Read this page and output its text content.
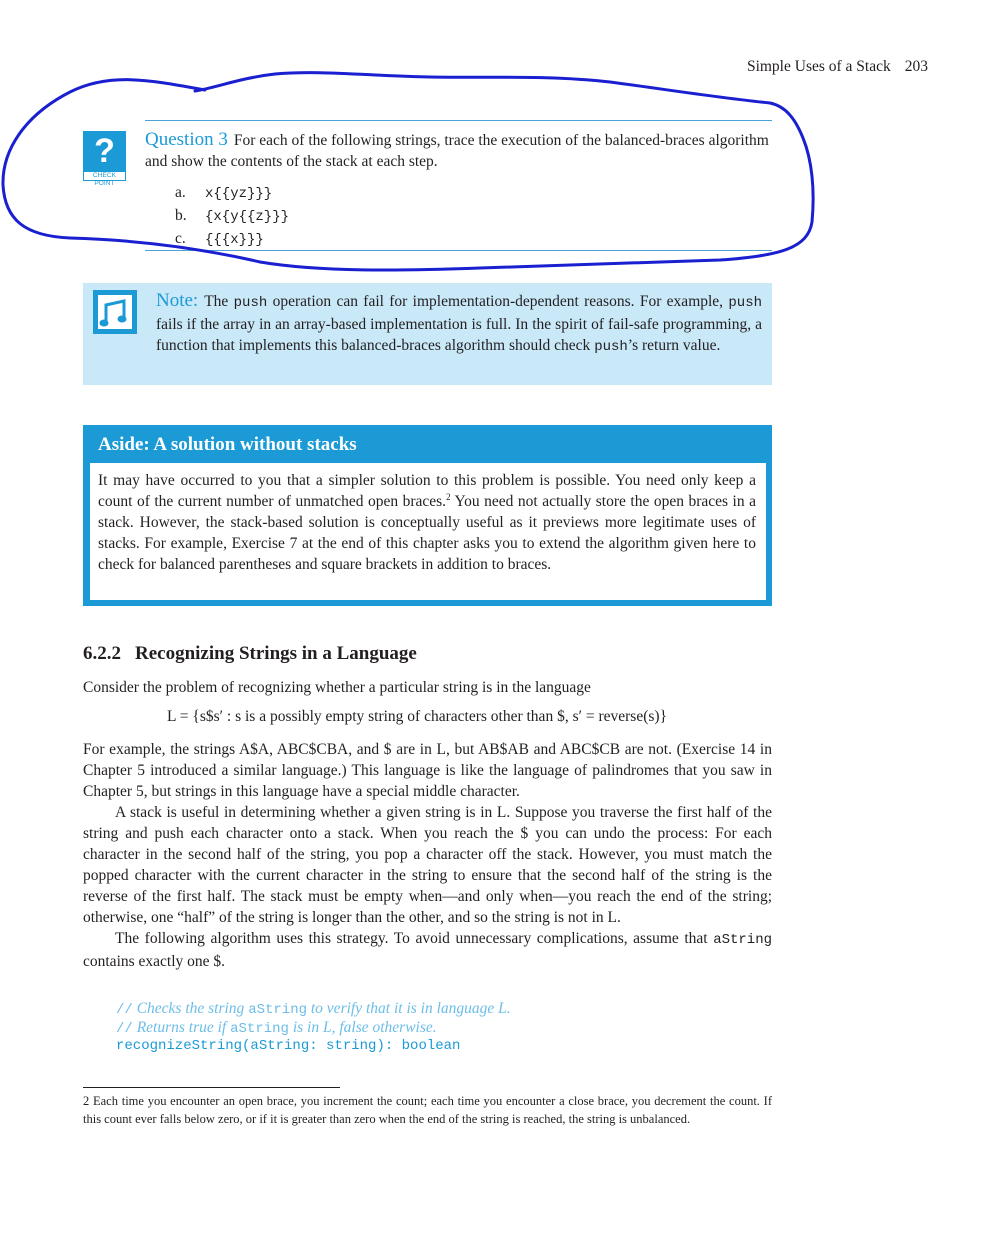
Simple Uses of a Stack 203
?
CHECK POINT
Question 3 For each of the following strings, trace the execution of the balanced-braces algorithm and show the contents of the stack at each step.
a. x{{yz}}}
b. {x{y{{z}}}
c. {{{x}}}
Note: The push operation can fail for implementation-dependent reasons. For example, push fails if the array in an array-based implementation is full. In the spirit of fail-safe programming, a function that implements this balanced-braces algorithm should check push’s return value.
Aside: A solution without stacks
It may have occurred to you that a simpler solution to this problem is possible. You need only keep a count of the current number of unmatched open braces.$^2$ You need not actually store the open braces in a stack. However, the stack-based solution is conceptually useful as it previews more legitimate uses of stacks. For example, Exercise 7 at the end of this chapter asks you to extend the algorithm given here to check for balanced parentheses and square brackets in addition to braces.
6.2.2 Recognizing Strings in a Language
Consider the problem of recognizing whether a particular string is in the language
L = {s$s′ : s is a possibly empty string of characters other than $, s′ = reverse(s)}

For example, the strings A$A, ABC$CBA, and $ are in L, but AB$AB and ABC$CB are not. (Exercise 14 in Chapter 5 introduced a similar language.) This language is like the language of palindromes that you saw in Chapter 5, but strings in this language have a special middle character.

A stack is useful in determining whether a given string is in L. Suppose you traverse the first half of the string and push each character onto a stack. When you reach the $ you can undo the process: For each character in the second half of the string, you pop a character off the stack. However, you must match the popped character with the current character in the string to ensure that the second half of the string is the reverse of the first half. The stack must be empty when—and only when—you reach the end of the string; otherwise, one “half” of the string is longer than the other, and so the string is not in L.

The following algorithm uses this strategy. To avoid unnecessary complications, assume that aString contains exactly one $.

// Checks the string aString to verify that it is in language L.
// Returns true if aString is in L, false otherwise.
recognizeString(aString: string): boolean
2 Each time you encounter an open brace, you increment the count; each time you encounter a close brace, you decrement the count. If this count ever falls below zero, or if it is greater than zero when the end of the string is reached, the string is unbalanced.
